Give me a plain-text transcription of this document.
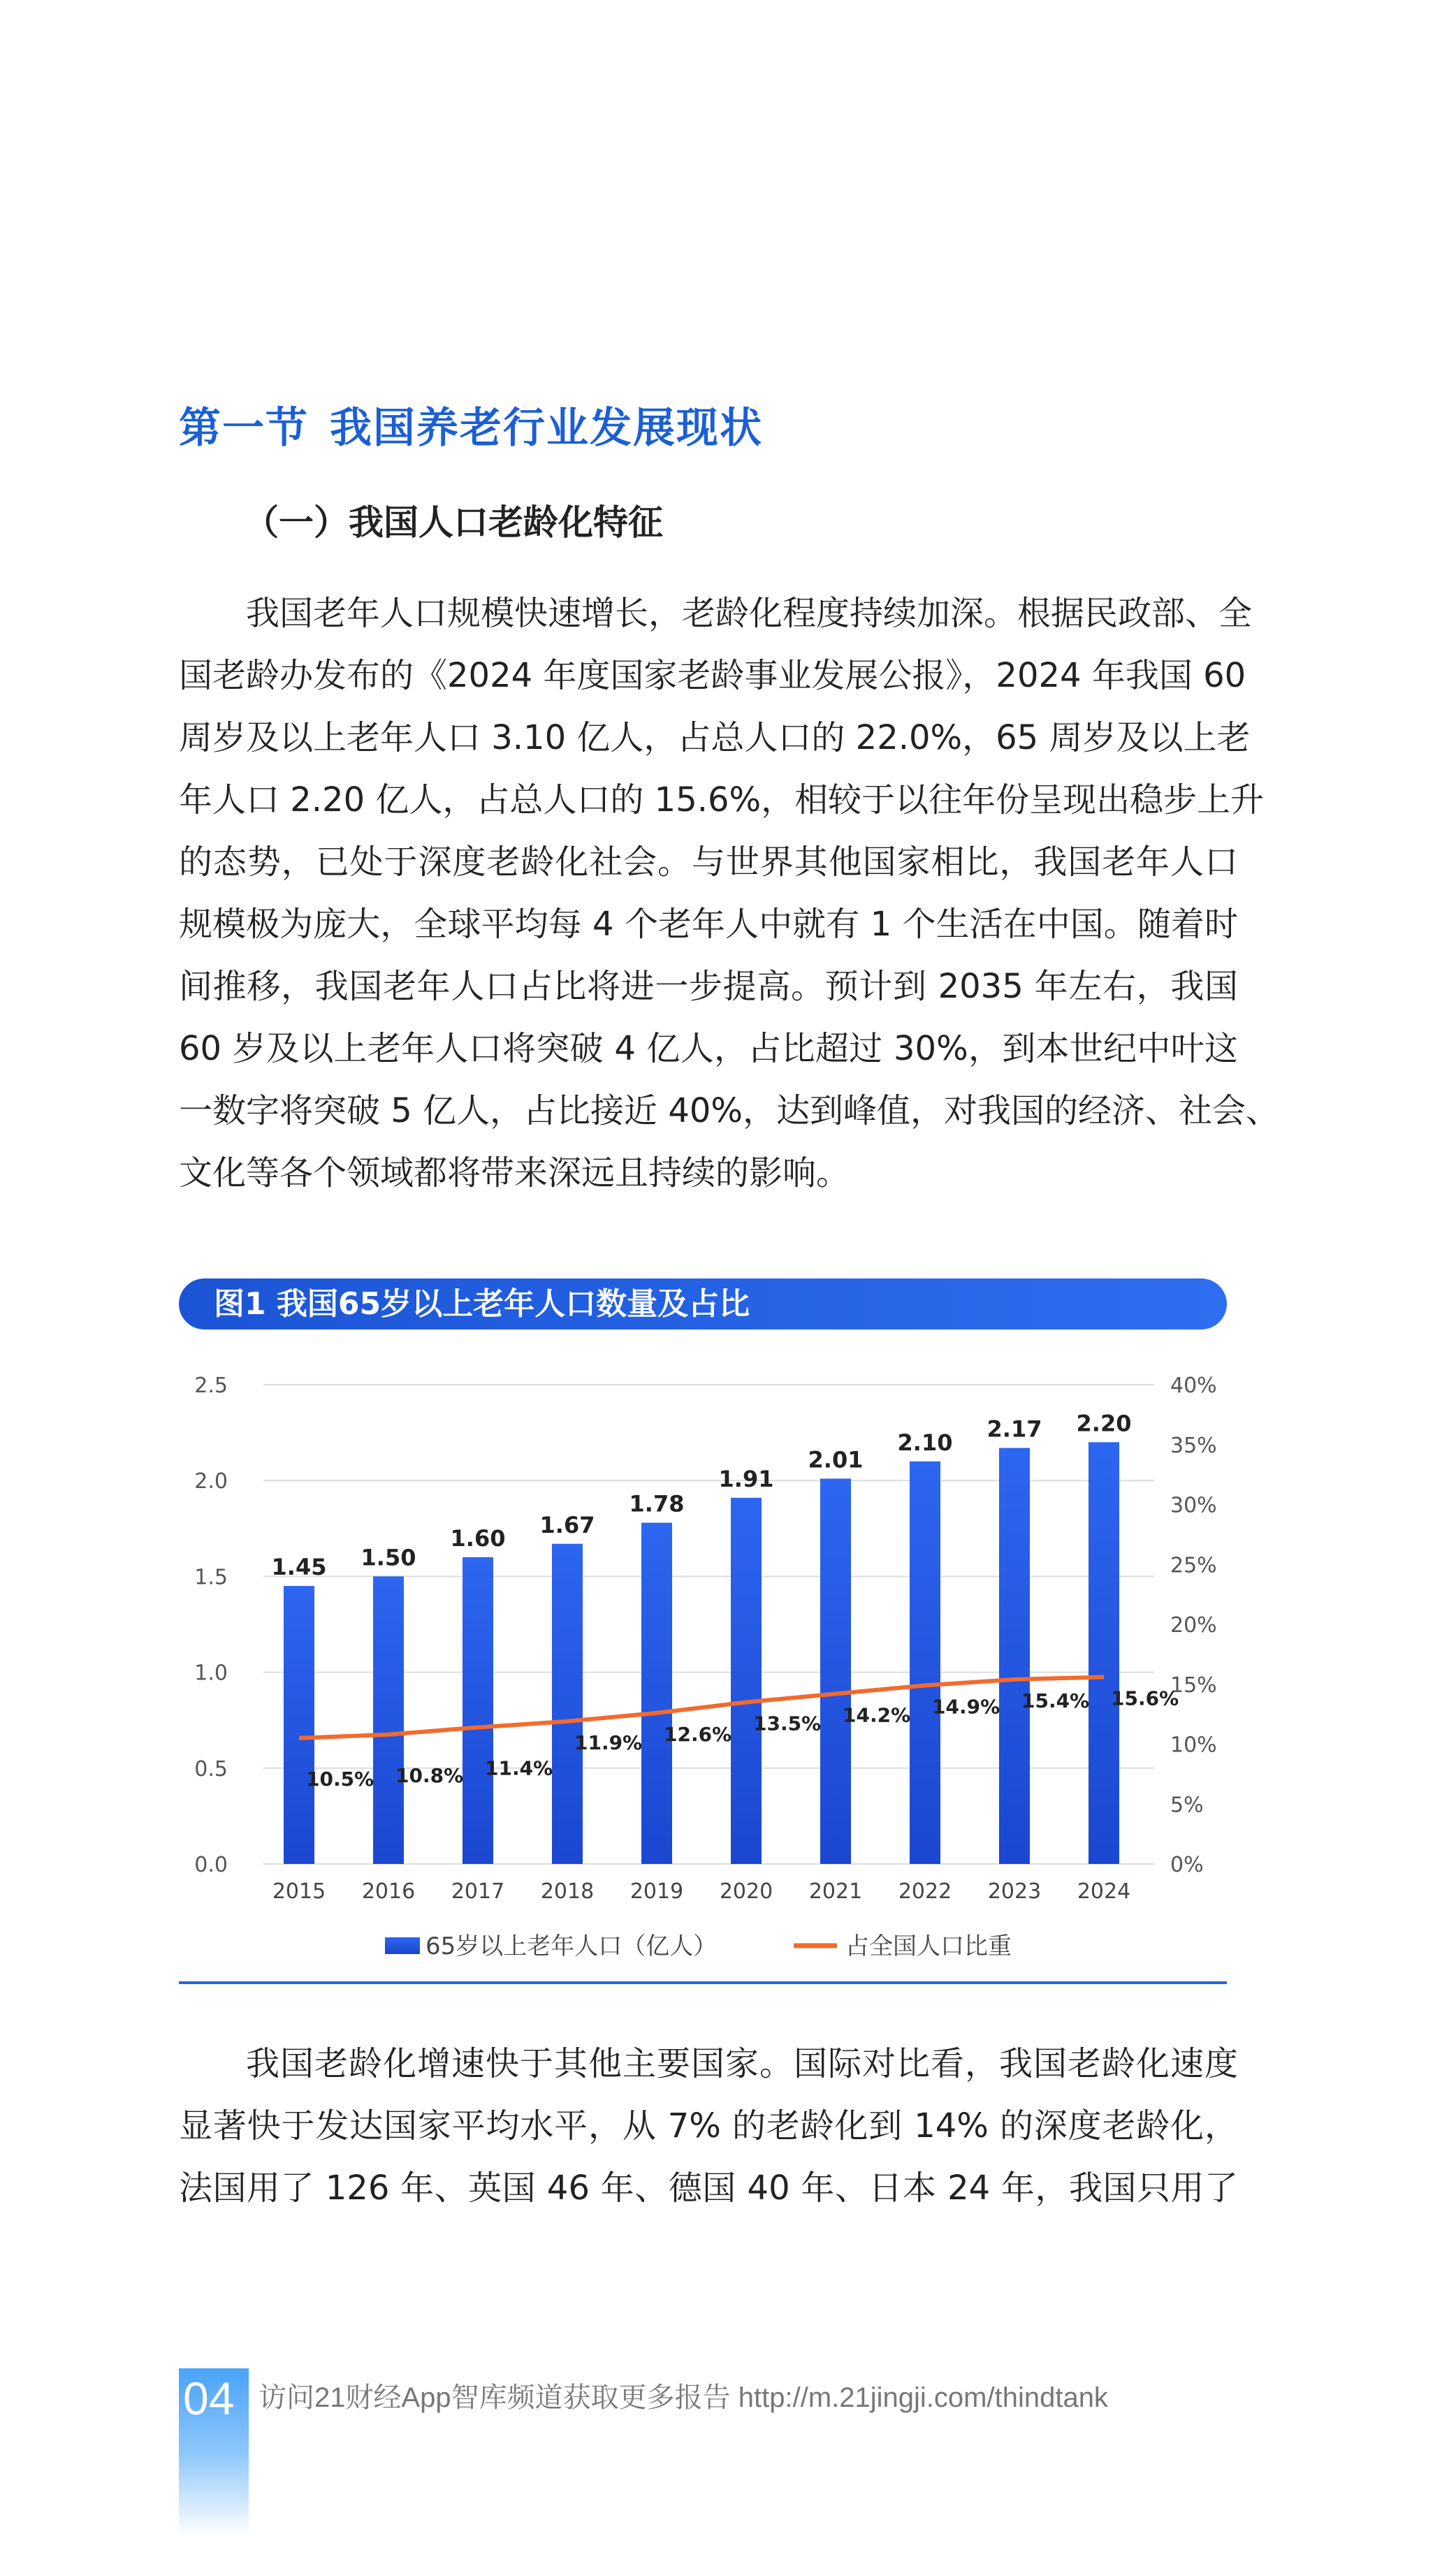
第一节 我国养老行业发展现状
（一）我国人口老龄化特征
我国老年人口规模快速增长，老龄化程度持续加深。根据民政部、全
国老龄办发布的《2024 年度国家老龄事业发展公报》，2024 年我国 60
周岁及以上老年人口 3.10 亿人，占总人口的 22.0%，65 周岁及以上老
年人口 2.20 亿人，占总人口的 15.6%，相较于以往年份呈现出稳步上升
的态势，已处于深度老龄化社会。与世界其他国家相比，我国老年人口
规模极为庞大，全球平均每 4 个老年人中就有 1 个生活在中国。随着时
间推移，我国老年人口占比将进一步提高。预计到 2035 年左右，我国
60 岁及以上老年人口将突破 4 亿人，占比超过 30%，到本世纪中叶这
一数字将突破 5 亿人，占比接近 40%，达到峰值，对我国的经济、社会、
文化等各个领域都将带来深远且持续的影响。
图1 我国65岁以上老年人口数量及占比
0.0
0.5
1.0
1.5
2.0
2.5
0%
5%
10%
15%
20%
25%
30%
35%
40%
1.45
2015
1.50
2016
1.60
2017
1.67
2018
1.78
2019
1.91
2020
2.01
2021
2.10
2022
2.17
2023
2.20
2024
10.5% 10.8% 11.4%
11.9% 12.6% 13.5% 14.2% 14.9% 15.4% 15.6%
65岁以上老年人口（亿人）	占全国人口比重
我国老龄化增速快于其他主要国家。国际对比看，我国老龄化速度
显著快于发达国家平均水平，从 7% 的老龄化到 14% 的深度老龄化，
法国用了 126 年、英国 46 年、德国 40 年、日本 24 年，我国只用了
04 访问21财经App智库频道获取更多报告 http://m.21jingji.com/thindtank
